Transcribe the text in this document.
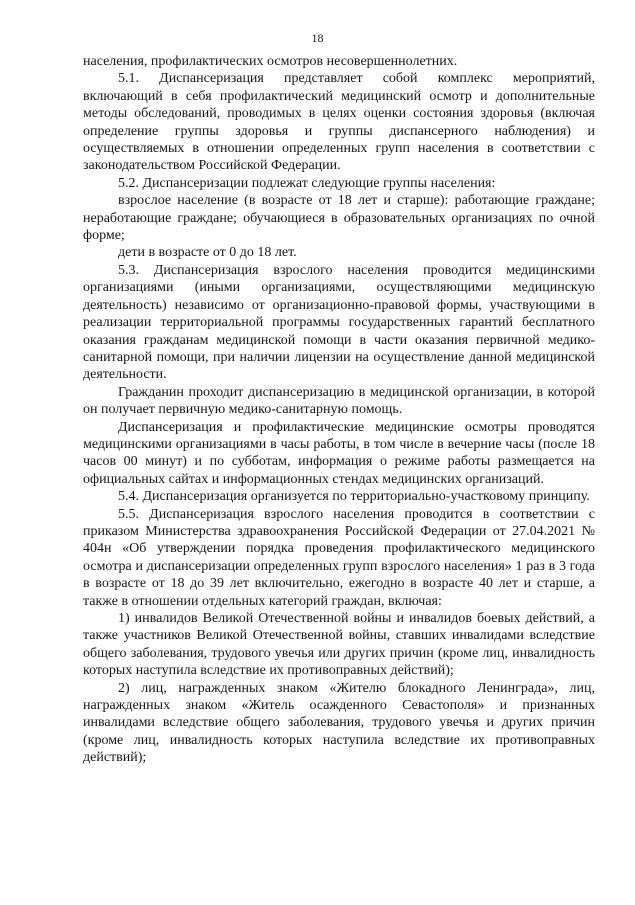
18

населения, профилактических осмотров несовершеннолетних.

5.1. Диспансеризация представляет собой комплекс мероприятий, включающий в себя профилактический медицинский осмотр и дополнительные методы обследований, проводимых в целях оценки состояния здоровья (включая определение группы здоровья и группы диспансерного наблюдения) и осуществляемых в отношении определенных групп населения в соответствии с законодательством Российской Федерации.

5.2. Диспансеризации подлежат следующие группы населения:

взрослое население (в возрасте от 18 лет и старше): работающие граждане; неработающие граждане; обучающиеся в образовательных организациях по очной форме;

дети в возрасте от 0 до 18 лет.

5.3. Диспансеризация взрослого населения проводится медицинскими организациями (иными организациями, осуществляющими медицинскую деятельность) независимо от организационно-правовой формы, участвующими в реализации территориальной программы государственных гарантий бесплатного оказания гражданам медицинской помощи в части оказания первичной медико-санитарной помощи, при наличии лицензии на осуществление данной медицинской деятельности.

Гражданин проходит диспансеризацию в медицинской организации, в которой он получает первичную медико-санитарную помощь.

Диспансеризация и профилактические медицинские осмотры проводятся медицинскими организациями в часы работы, в том числе в вечерние часы (после 18 часов 00 минут) и по субботам, информация о режиме работы размещается на официальных сайтах и информационных стендах медицинских организаций.

5.4. Диспансеризация организуется по территориально-участковому принципу.

5.5. Диспансеризация взрослого населения проводится в соответствии с приказом Министерства здравоохранения Российской Федерации от 27.04.2021 № 404н «Об утверждении порядка проведения профилактического медицинского осмотра и диспансеризации определенных групп взрослого населения» 1 раз в 3 года в возрасте от 18 до 39 лет включительно, ежегодно в возрасте 40 лет и старше, а также в отношении отдельных категорий граждан, включая:

1) инвалидов Великой Отечественной войны и инвалидов боевых действий, а также участников Великой Отечественной войны, ставших инвалидами вследствие общего заболевания, трудового увечья или других причин (кроме лиц, инвалидность которых наступила вследствие их противоправных действий);

2) лиц, награжденных знаком «Жителю блокадного Ленинграда», лиц, награжденных знаком «Житель осажденного Севастополя» и признанных инвалидами вследствие общего заболевания, трудового увечья и других причин (кроме лиц, инвалидность которых наступила вследствие их противоправных действий);
